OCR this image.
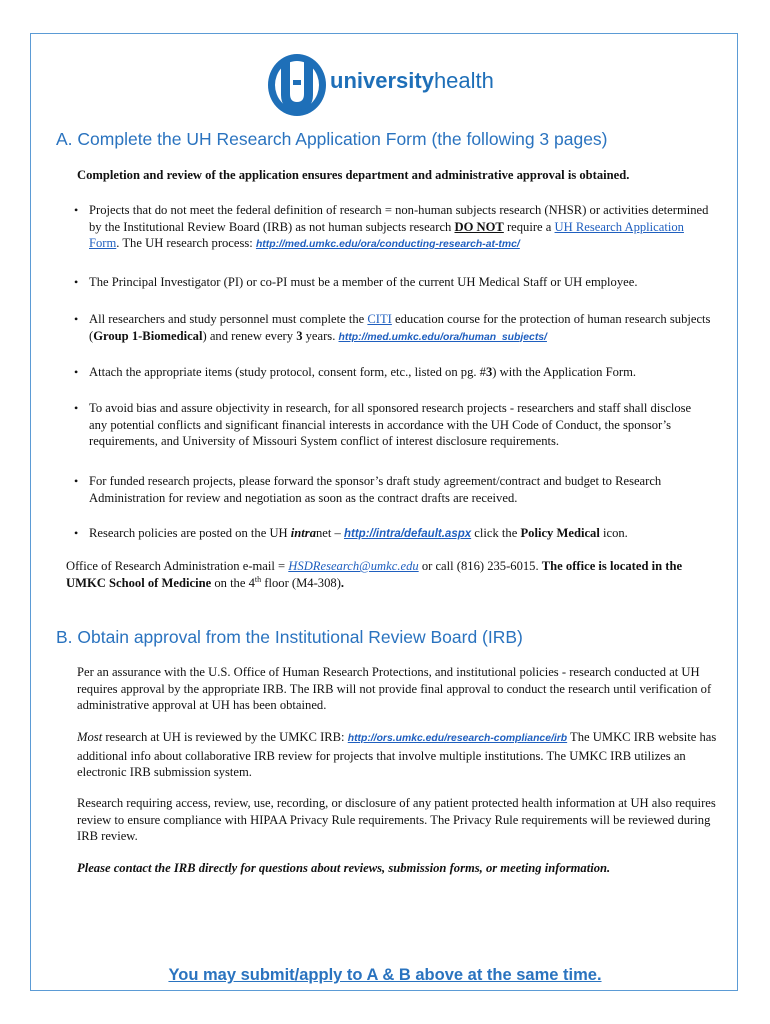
universityhealth
A. Complete the UH Research Application Form (the following 3 pages)
Completion and review of the application ensures department and administrative approval is obtained.
• Projects that do not meet the federal definition of research = non-human subjects research (NHSR) or activities determined by the Institutional Review Board (IRB) as not human subjects research DO NOT require a UH Research Application Form. The UH research process: http://med.umkc.edu/ora/conducting-research-at-tmc/
• The Principal Investigator (PI) or co-PI must be a member of the current UH Medical Staff or UH employee.
• All researchers and study personnel must complete the CITI education course for the protection of human research subjects (Group 1-Biomedical) and renew every 3 years. http://med.umkc.edu/ora/human_subjects/
• Attach the appropriate items (study protocol, consent form, etc., listed on pg. #3) with the Application Form.
• To avoid bias and assure objectivity in research, for all sponsored research projects - researchers and staff shall disclose any potential conflicts and significant financial interests in accordance with the UH Code of Conduct, the sponsor’s requirements, and University of Missouri System conflict of interest disclosure requirements.
• For funded research projects, please forward the sponsor’s draft study agreement/contract and budget to Research Administration for review and negotiation as soon as the contract drafts are received.
• Research policies are posted on the UH intranet – http://intra/default.aspx click the Policy Medical icon.
Office of Research Administration e-mail = HSDResearch@umkc.edu or call (816) 235-6015. The office is located in the UMKC School of Medicine on the 4th floor (M4-308).
B. Obtain approval from the Institutional Review Board (IRB)
Per an assurance with the U.S. Office of Human Research Protections, and institutional policies - research conducted at UH requires approval by the appropriate IRB. The IRB will not provide final approval to conduct the research until verification of administrative approval at UH has been obtained.
Most research at UH is reviewed by the UMKC IRB: http://ors.umkc.edu/research-compliance/irb The UMKC IRB website has additional info about collaborative IRB review for projects that involve multiple institutions. The UMKC IRB utilizes an electronic IRB submission system.
Research requiring access, review, use, recording, or disclosure of any patient protected health information at UH also requires review to ensure compliance with HIPAA Privacy Rule requirements. The Privacy Rule requirements will be reviewed during IRB review.
Please contact the IRB directly for questions about reviews, submission forms, or meeting information.
You may submit/apply to A & B above at the same time.
